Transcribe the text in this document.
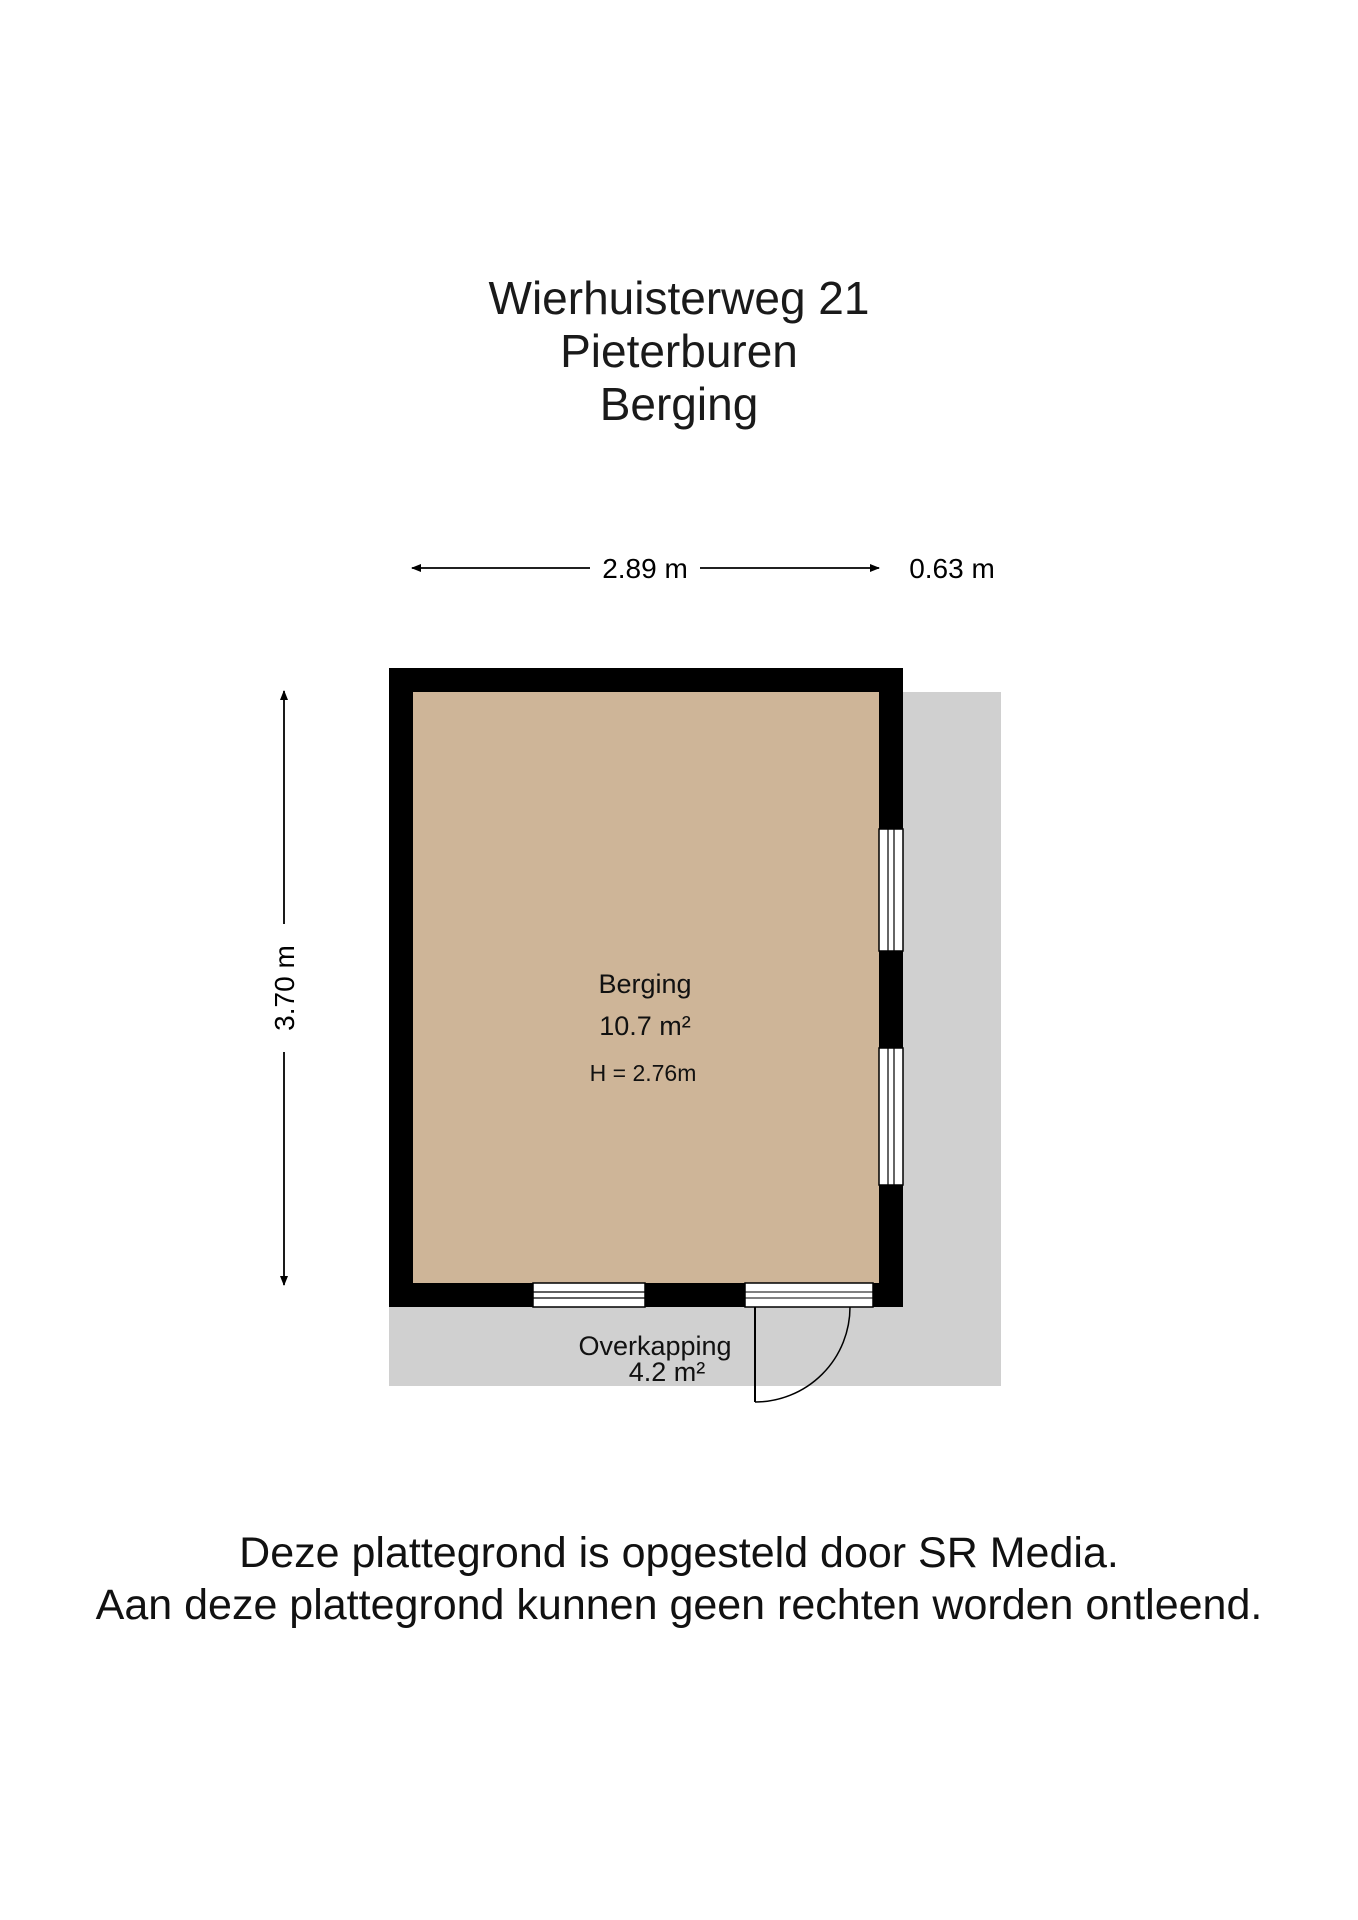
Wierhuisterweg 21
Pieterburen
Berging
2.89 m	0.63 m
3.70 m	Berging
10.7 m²
H = 2.76m
Overkapping
4.2 m²
Deze plattegrond is opgesteld door SR Media.
Aan deze plattegrond kunnen geen rechten worden ontleend.
